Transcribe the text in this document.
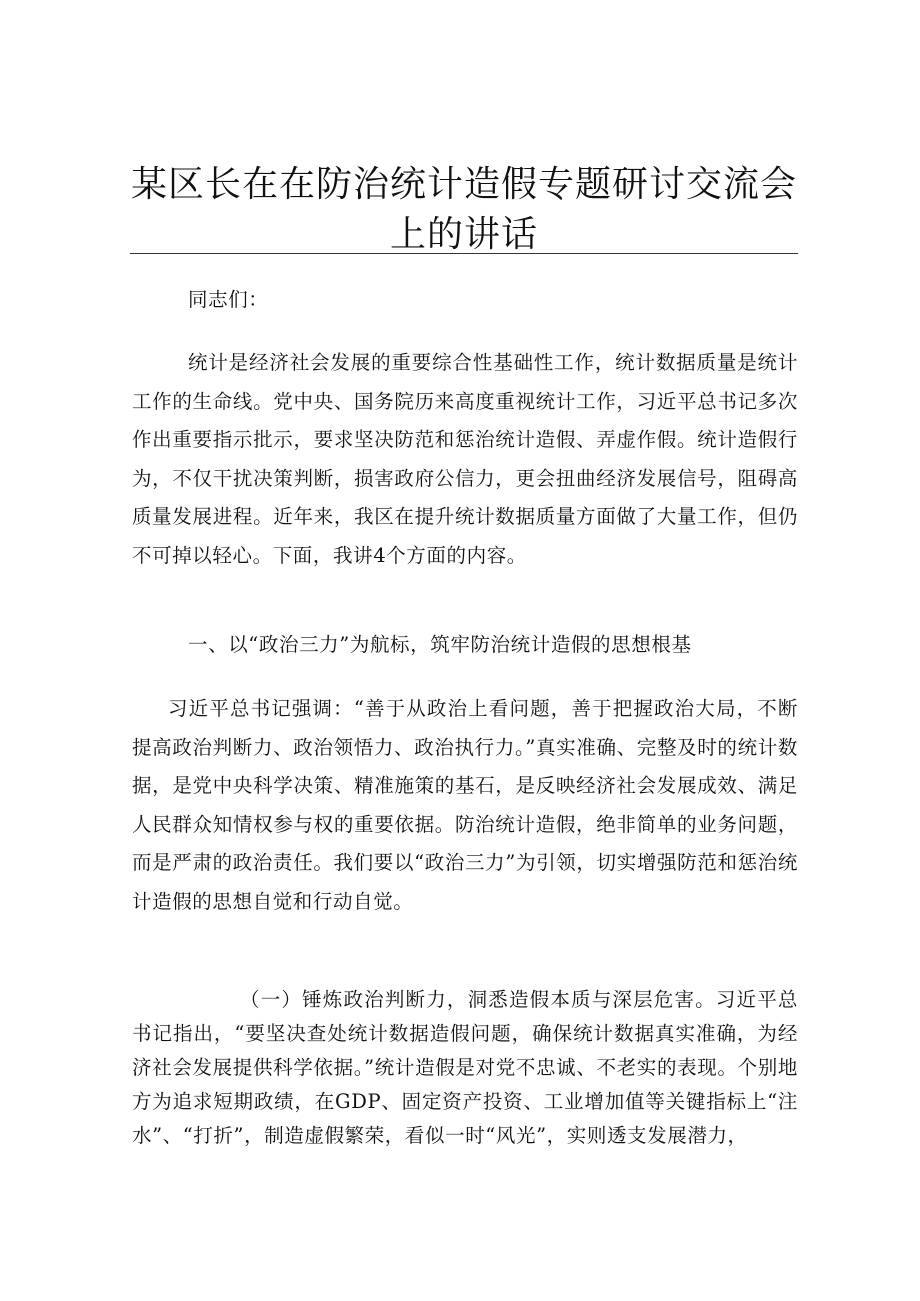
某区长在在防治统计造假专题研讨交流会上的讲话

同志们：

统计是经济社会发展的重要综合性基础性工作，统计数据质量是统计工作的生命线。党中央、国务院历来高度重视统计工作，习近平总书记多次作出重要指示批示，要求坚决防范和惩治统计造假、弄虚作假。统计造假行为，不仅干扰决策判断，损害政府公信力，更会扭曲经济发展信号，阻碍高质量发展进程。近年来，我区在提升统计数据质量方面做了大量工作，但仍不可掉以轻心。下面，我讲4个方面的内容。

一、以“政治三力”为航标，筑牢防治统计造假的思想根基

习近平总书记强调：“善于从政治上看问题，善于把握政治大局，不断提高政治判断力、政治领悟力、政治执行力。”真实准确、完整及时的统计数据，是党中央科学决策、精准施策的基石，是反映经济社会发展成效、满足人民群众知情权参与权的重要依据。防治统计造假，绝非简单的业务问题，而是严肃的政治责任。我们要以“政治三力”为引领，切实增强防范和惩治统计造假的思想自觉和行动自觉。

（一）锤炼政治判断力，洞悉造假本质与深层危害。习近平总书记指出，“要坚决查处统计数据造假问题，确保统计数据真实准确，为经济社会发展提供科学依据。”统计造假是对党不忠诚、不老实的表现。个别地方为追求短期政绩，在GDP、固定资产投资、工业增加值等关键指标上“注水”、“打折”，制造虚假繁荣，看似一时“风光”，实则透支发展潜力，
